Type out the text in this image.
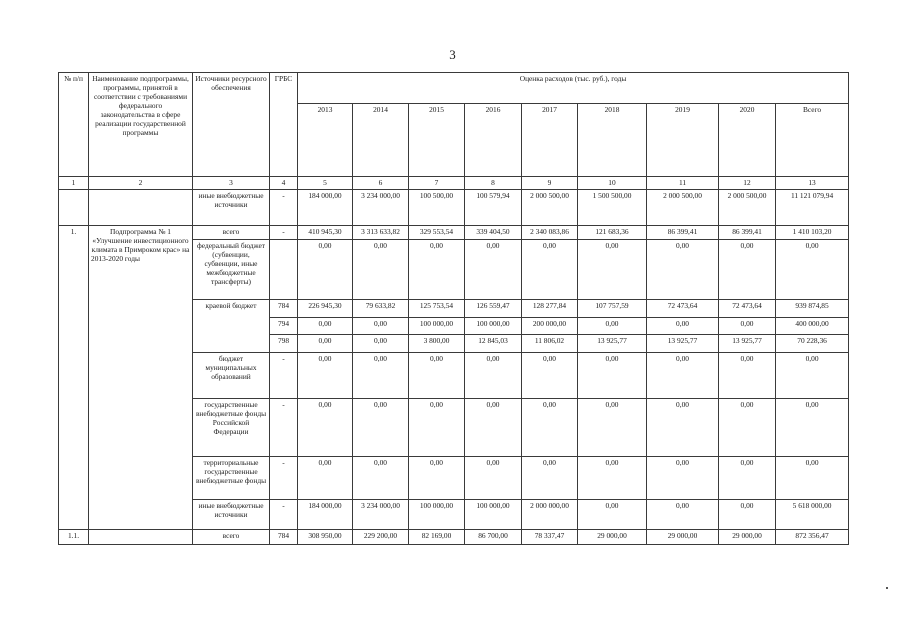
3
№ п/п	Наименование подпрограммы, программы, принятой в соответствии с требованиями федерального законодательства в сфере реализации государственной программы	Источники ресурсного обеспечения	ГРБС	Оценка расходов (тыс. руб.), годы								
				2013	2014	2015	2016	2017	2018	2019	2020	Всего
1	2	3	4	5	6	7	8	9	10	11	12	13
		иные внебюджетные источники	-	184 000,00	3 234 000,00	100 500,00	100 579,94	2 000 500,00	1 500 500,00	2 000 500,00	2 000 500,00	11 121 079,94
1.	Подпрограмма № 1 «Улучшение инвестиционного климата в Примроком крас» на 2013-2020 годы	всего	-	410 945,30	3 313 633,82	329 553,54	339 404,50	2 340 083,86	121 683,36	86 399,41	86 399,41	1 410 103,20
		федеральный бюджет (субвенции, субвенции, иные межбюджетные трансферты)		0,00	0,00	0,00	0,00	0,00	0,00	0,00	0,00	0,00
		краевой бюджет	784	226 945,30	79 633,82	125 753,54	126 559,47	128 277,84	107 757,59	72 473,64	72 473,64	939 874,85
			794	0,00	0,00	100 000,00	100 000,00	200 000,00	0,00	0,00	0,00	400 000,00
			798	0,00	0,00	3 800,00	12 845,03	11 806,02	13 925,77	13 925,77	13 925,77	70 228,36
		бюджет муниципальных образований	-	0,00	0,00	0,00	0,00	0,00	0,00	0,00	0,00	0,00
		государственные внебюджетные фонды Российской Федерации	-	0,00	0,00	0,00	0,00	0,00	0,00	0,00	0,00	0,00
		территориальные государственные внебюджетные фонды	-	0,00	0,00	0,00	0,00	0,00	0,00	0,00	0,00	0,00
		иные внебюджетные источники	-	184 000,00	3 234 000,00	100 000,00	100 000,00	2 000 000,00	0,00	0,00	0,00	5 618 000,00
1.1.		всего	784	308 950,00	229 200,00	82 169,00	86 700,00	78 337,47	29 000,00	29 000,00	29 000,00	872 356,47
